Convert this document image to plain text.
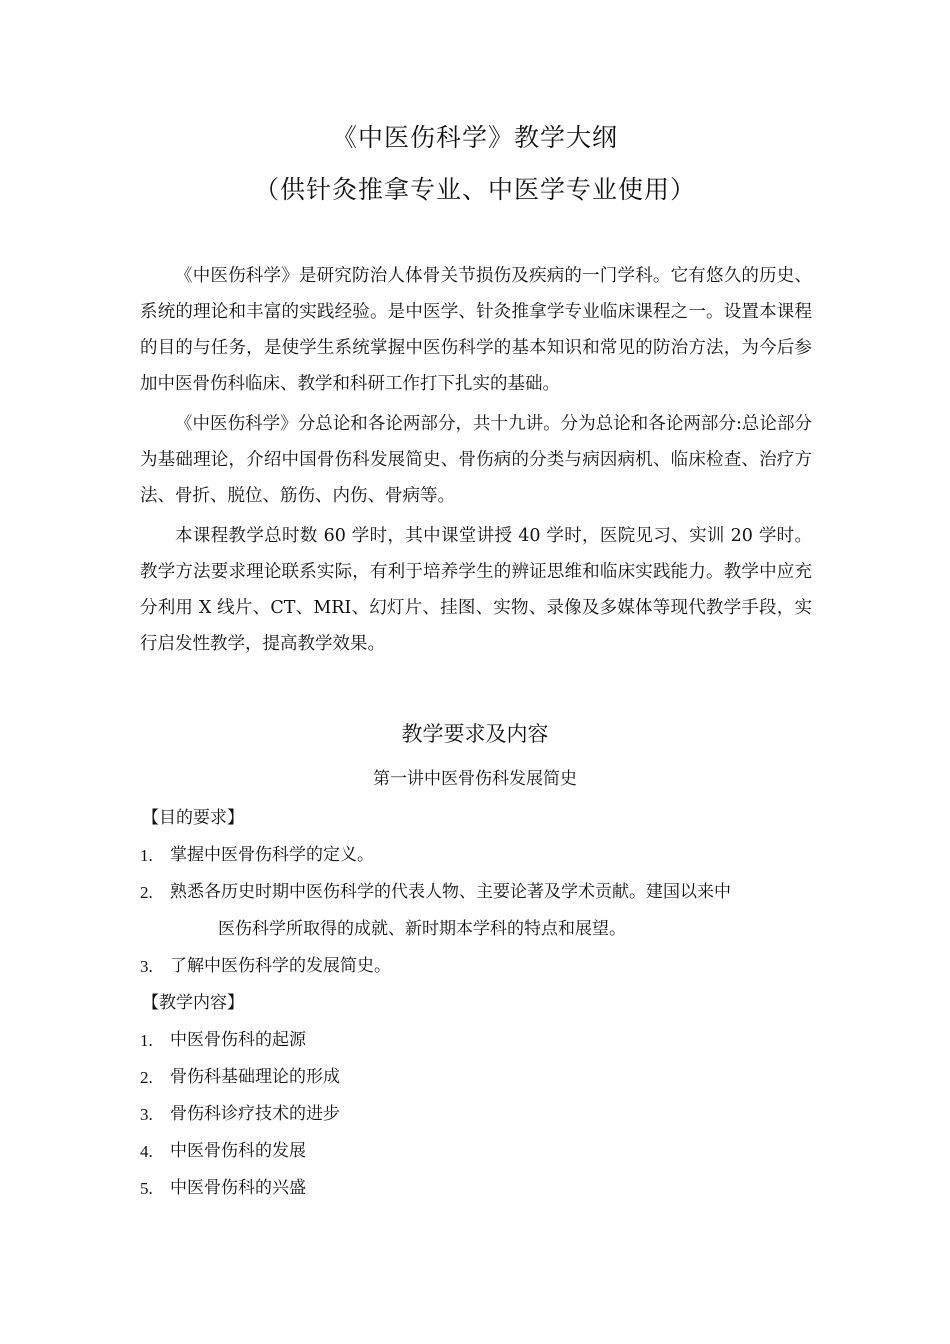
《中医伤科学》教学大纲
（供针灸推拿专业、中医学专业使用）

《中医伤科学》是研究防治人体骨关节损伤及疾病的一门学科。它有悠久的历史、系统的理论和丰富的实践经验。是中医学、针灸推拿学专业临床课程之一。设置本课程的目的与任务，是使学生系统掌握中医伤科学的基本知识和常见的防治方法，为今后参加中医骨伤科临床、教学和科研工作打下扎实的基础。

《中医伤科学》分总论和各论两部分，共十九讲。分为总论和各论两部分:总论部分为基础理论，介绍中国骨伤科发展简史、骨伤病的分类与病因病机、临床检查、治疗方法、骨折、脱位、筋伤、内伤、骨病等。

本课程教学总时数 60 学时，其中课堂讲授 40 学时，医院见习、实训 20 学时。教学方法要求理论联系实际，有利于培养学生的辨证思维和临床实践能力。教学中应充分利用 X 线片、CT、MRI、幻灯片、挂图、实物、录像及多媒体等现代教学手段，实行启发性教学，提高教学效果。

教学要求及内容
第一讲中医骨伤科发展简史
【目的要求】
1.	掌握中医骨伤科学的定义。
2.	熟悉各历史时期中医伤科学的代表人物、主要论著及学术贡献。建国以来中
医伤科学所取得的成就、新时期本学科的特点和展望。
3.	了解中医伤科学的发展简史。
【教学内容】
1.	中医骨伤科的起源
2.	骨伤科基础理论的形成
3.	骨伤科诊疗技术的进步
4.	中医骨伤科的发展
5.	中医骨伤科的兴盛
